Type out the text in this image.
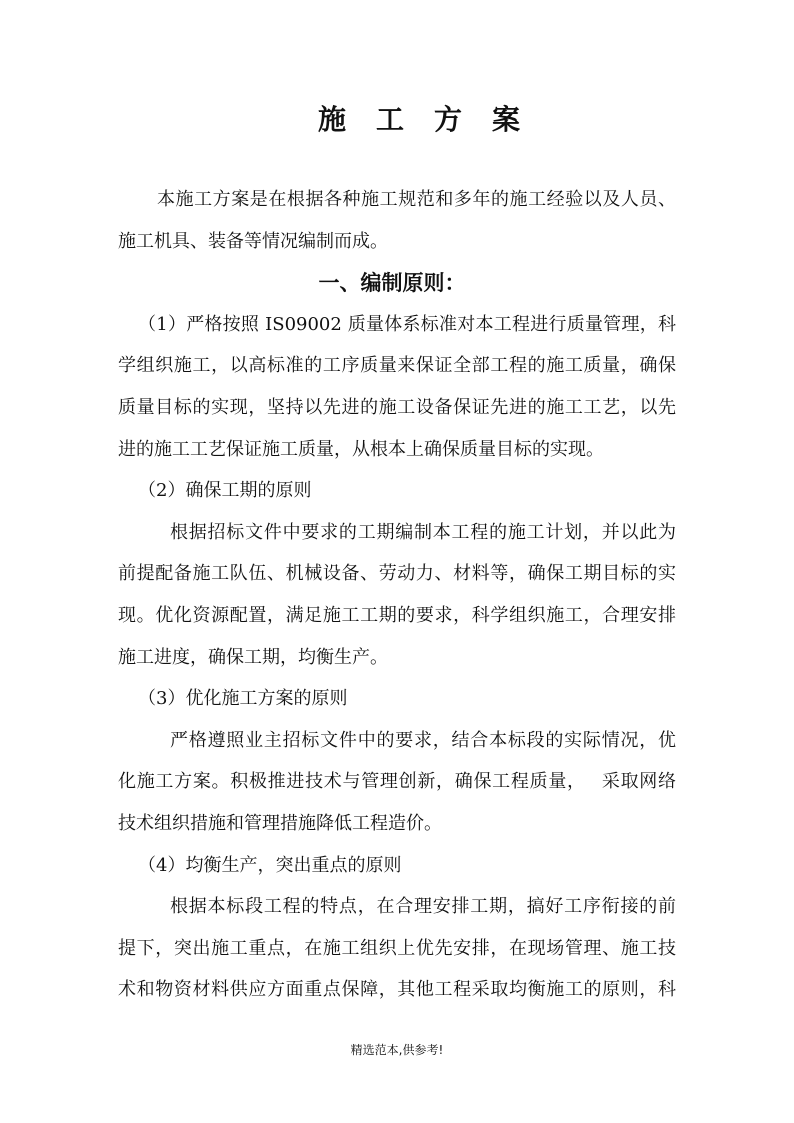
施工方案
本施工方案是在根据各种施工规范和多年的施工经验以及人员、
施工机具、装备等情况编制而成。
一、编制原则：
（1）严格按照 IS09002 质量体系标准对本工程进行质量管理，科
学组织施工，以高标准的工序质量来保证全部工程的施工质量，确保
质量目标的实现，坚持以先进的施工设备保证先进的施工工艺，以先
进的施工工艺保证施工质量，从根本上确保质量目标的实现。
（2）确保工期的原则
根据招标文件中要求的工期编制本工程的施工计划，并以此为
前提配备施工队伍、机械设备、劳动力、材料等，确保工期目标的实
现。优化资源配置，满足施工工期的要求，科学组织施工，合理安排
施工进度，确保工期，均衡生产。
（3）优化施工方案的原则
严格遵照业主招标文件中的要求，结合本标段的实际情况，优
化施工方案。积极推进技术与管理创新，确保工程质量，　 采取网络
技术组织措施和管理措施降低工程造价。
（4）均衡生产，突出重点的原则
根据本标段工程的特点，在合理安排工期，搞好工序衔接的前
提下，突出施工重点，在施工组织上优先安排，在现场管理、施工技
术和物资材料供应方面重点保障，其他工程采取均衡施工的原则，科
精选范本,供参考!
